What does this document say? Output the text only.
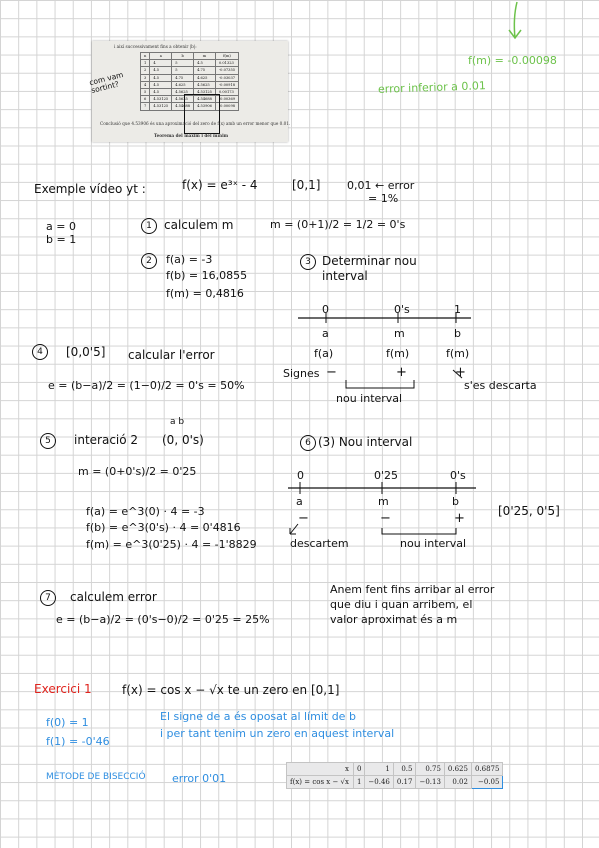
i així successivament fins a obtenir |b|:
n	a	b	m	f(m)
1	4	5	4.5	0.01323
2	4.5	5	4.75	-0.07355
3	4.5	4.75	4.625	-0.03037
4	4.5	4.625	4.5625	-0.00918
5	4.5	4.5625	4.53125	0.00173
6	4.53125	4.5625	4.54688	-0.00369
7	4.53125	4.54688	4.53906	-0.00098
com vam
sortint?
Conclusió que 4.53906 és una aproximació del zero de f(x) amb un error menor que 0.01.
Teorema del màxim i del mínim
f(m) = -0.00098
error inferior a 0.01
Exemple vídeo yt :	f(x) = e³ˣ - 4	[0,1] 0,01 ← error
= 1%
a = 0
b = 1
1	calculem m	m = (0+1)/2 = 1/2 = 0's
2	f(a) = -3
f(b) = 16,0855
f(m) = 0,4816
3 Determinar nou interval
0	0's	1
a	m	b
f(a)	f(m)	f(m)
Signes −	+	+
s'es descarta
nou interval
4	[0,0'5] calcular l'error
e = (b−a)/2 = (1−0)/2 = 0's = 50%
5	interació 2
a b
(0, 0's)
m = (0+0's)/2 = 0'25
f(a) = e^3(0) · 4 = -3
f(b) = e^3(0's) · 4 = 0'4816
f(m) = e^3(0'25) · 4 = -1'8829
6 (3) Nou interval
0	0'25	0's
a	m	b
−	−	+
descartem	nou interval
[0'25, 0'5]
7	calculem error
e = (b−a)/2 = (0's−0)/2 = 0'25 = 25%
Anem fent fins arribar al error
que diu i quan arribem, el
valor aproximat és a m
Exercici 1	f(x) = cos x − √x te un zero en [0,1]
f(0) = 1
f(1) = -0'46
El signe de a és oposat al límit de b
i per tant tenim un zero en aquest interval
MÈTODE DE BISECCIÓ error 0'01
x	0	1	0.5	0.75	0.625	0.6875
f(x) = cos x − √x	1	−0.46	0.17	−0.13	0.02	−0.05
